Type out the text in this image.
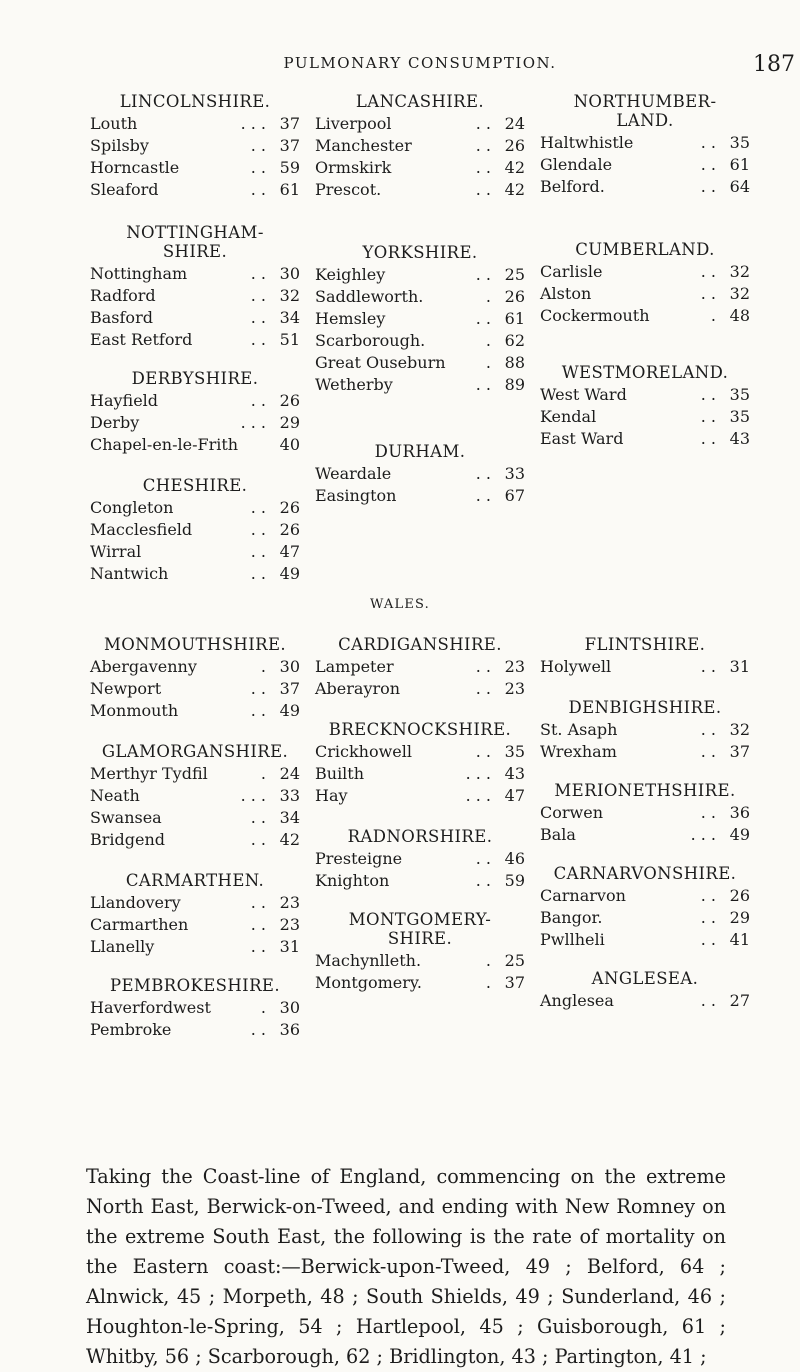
PULMONARY CONSUMPTION.	187
LINCOLNSHIRE.
Louth	. . . 37
Spilsby	. . 37
Horncastle	. . 59
Sleaford	. . 61
NOTTINGHAM-
SHIRE.
Nottingham	. . 30
Radford	. . 32
Basford	. . 34
East Retford	. . 51
DERBYSHIRE.
Hayfield	. . 26
Derby	. . . 29
Chapel-en-le-Frith	40
CHESHIRE.
Congleton	. . 26
Macclesfield	. . 26
Wirral	. . 47
Nantwich	. . 49
LANCASHIRE.
Liverpool	. . 24
Manchester	. . 26
Ormskirk	. . 42
Prescot.	. . 42
YORKSHIRE.
Keighley	. . 25
Saddleworth.	. 26
Hemsley	. . 61
Scarborough.	. 62
Great Ouseburn	. 88
Wetherby	. . 89
DURHAM.
Weardale	. . 33
Easington	. . 67
NORTHUMBER-
LAND.
Haltwhistle	. . 35
Glendale	. . 61
Belford.	. . 64
CUMBERLAND.
Carlisle	. . 32
Alston	. . 32
Cockermouth	. 48
WESTMORELAND.
West Ward	. . 35
Kendal	. . 35
East Ward	. . 43
WALES.
MONMOUTHSHIRE.
Abergavenny	. 30
Newport	. . 37
Monmouth	. . 49
GLAMORGANSHIRE.
Merthyr Tydfil	. 24
Neath	. . . 33
Swansea	. . 34
Bridgend	. . 42
CARMARTHEN.
Llandovery	. . 23
Carmarthen	. . 23
Llanelly	. . 31
PEMBROKESHIRE.
Haverfordwest	. 30
Pembroke	. . 36
CARDIGANSHIRE.
Lampeter	. . 23
Aberayron	. . 23
BRECKNOCKSHIRE.
Crickhowell	. . 35
Builth	. . . 43
Hay	. . . 47
RADNORSHIRE.
Presteigne	. . 46
Knighton	. . 59
MONTGOMERY-
SHIRE.
Machynlleth.	. 25
Montgomery.	. 37
FLINTSHIRE.
Holywell	. . 31
DENBIGHSHIRE.
St. Asaph	. . 32
Wrexham	. . 37
MERIONETHSHIRE.
Corwen	. . 36
Bala	. . . 49
CARNARVONSHIRE.
Carnarvon	. . 26
Bangor.	. . 29
Pwllheli	. . 41
ANGLESEA.
Anglesea	. . 27

Taking the Coast-line of England, commencing on the extreme North East, Berwick-on-Tweed, and ending with New Romney on the extreme South East, the following is the rate of mortality on the Eastern coast:—Berwick-upon-Tweed, 49 ; Belford, 64 ; Alnwick, 45 ; Morpeth, 48 ; South Shields, 49 ; Sunderland, 46 ; Houghton-le-Spring, 54 ; Hartlepool, 45 ; Guisborough, 61 ; Whitby, 56 ; Scarborough, 62 ; Bridlington, 43 ; Partington, 41 ;
